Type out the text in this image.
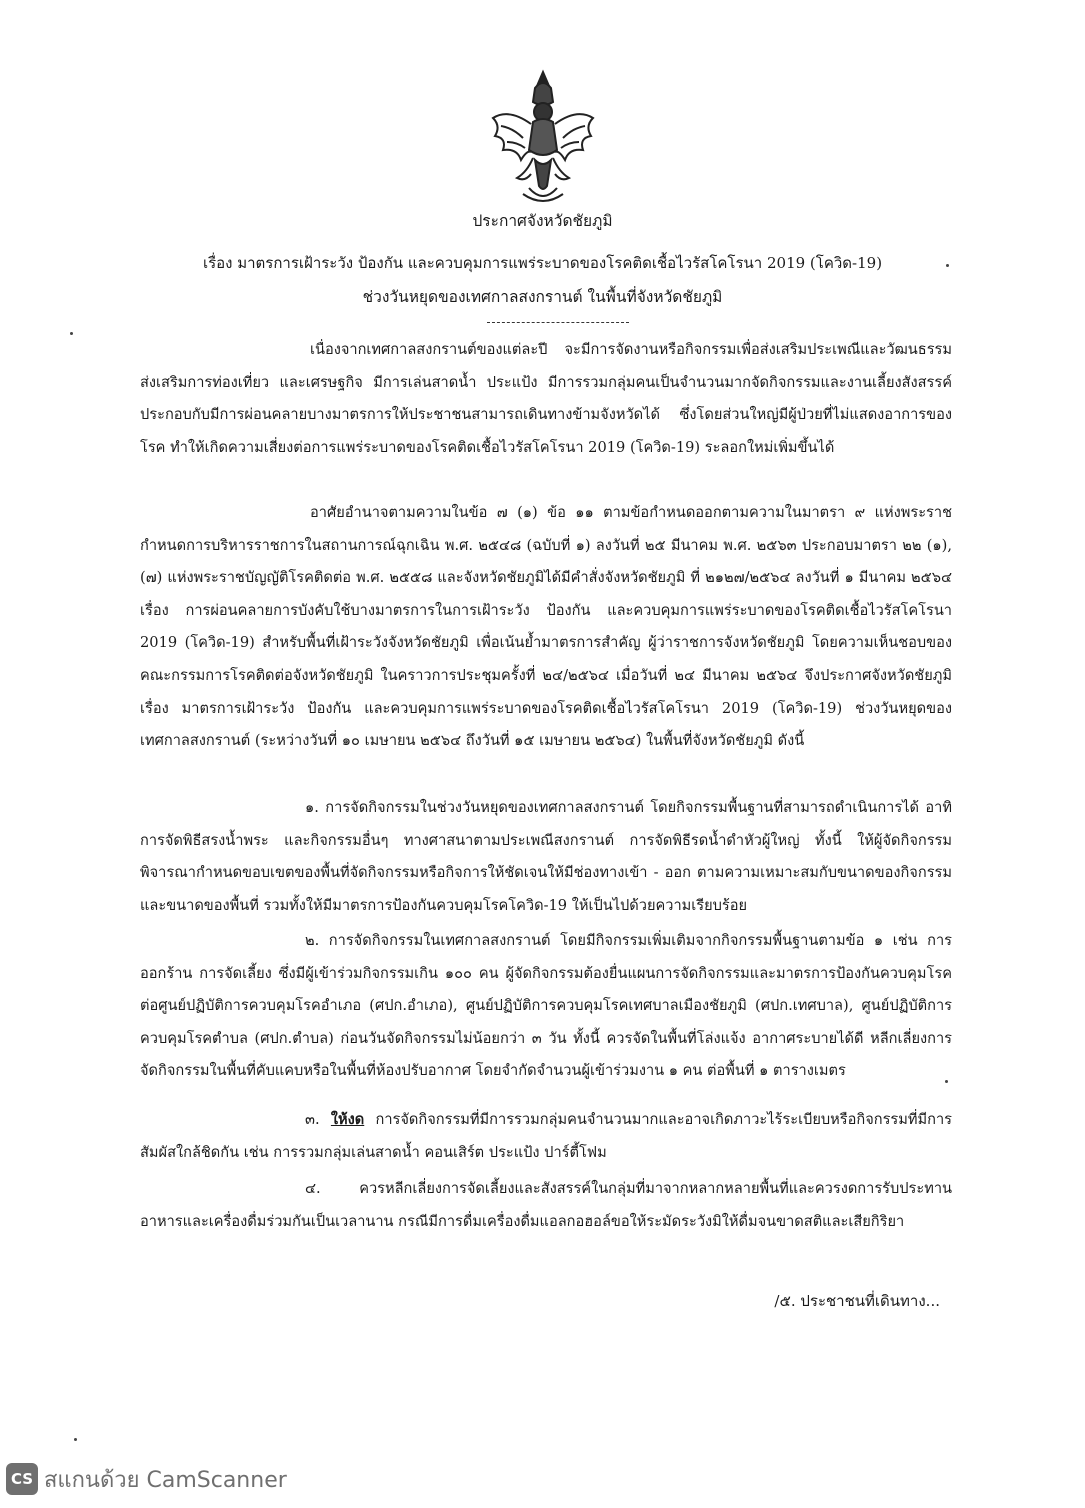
ประกาศจังหวัดชัยภูมิ
เรื่อง มาตรการเฝ้าระวัง ป้องกัน และควบคุมการแพร่ระบาดของโรคติดเชื้อไวรัสโคโรนา 2019 (โควิด-19)
ช่วงวันหยุดของเทศกาลสงกรานต์ ในพื้นที่จังหวัดชัยภูมิ
เนื่องจากเทศกาลสงกรานต์ของแต่ละปี จะมีการจัดงานหรือกิจกรรมเพื่อส่งเสริมประเพณีและวัฒนธรรม ส่งเสริมการท่องเที่ยว และเศรษฐกิจ มีการเล่นสาดน้ำ ประแป้ง มีการรวมกลุ่มคนเป็นจำนวนมากจัดกิจกรรมและงานเลี้ยงสังสรรค์ ประกอบกับมีการผ่อนคลายบางมาตรการให้ประชาชนสามารถเดินทางข้ามจังหวัดได้ ซึ่งโดยส่วนใหญ่มีผู้ป่วยที่ไม่แสดงอาการของโรค ทำให้เกิดความเสี่ยงต่อการแพร่ระบาดของโรคติดเชื้อไวรัสโคโรนา 2019 (โควิด-19) ระลอกใหม่เพิ่มขึ้นได้
อาศัยอำนาจตามความในข้อ ๗ (๑) ข้อ ๑๑ ตามข้อกำหนดออกตามความในมาตรา ๙ แห่งพระราชกำหนดการบริหารราชการในสถานการณ์ฉุกเฉิน พ.ศ. ๒๕๔๘ (ฉบับที่ ๑) ลงวันที่ ๒๕ มีนาคม พ.ศ. ๒๕๖๓ ประกอบมาตรา ๒๒ (๑), (๗) แห่งพระราชบัญญัติโรคติดต่อ พ.ศ. ๒๕๕๘ และจังหวัดชัยภูมิได้มีคำสั่งจังหวัดชัยภูมิ ที่ ๒๑๒๗/๒๕๖๔ ลงวันที่ ๑ มีนาคม ๒๕๖๔ เรื่อง การผ่อนคลายการบังคับใช้บางมาตรการในการเฝ้าระวัง ป้องกัน และควบคุมการแพร่ระบาดของโรคติดเชื้อไวรัสโคโรนา 2019 (โควิด-19) สำหรับพื้นที่เฝ้าระวังจังหวัดชัยภูมิ เพื่อเน้นย้ำมาตรการสำคัญ ผู้ว่าราชการจังหวัดชัยภูมิ โดยความเห็นชอบของคณะกรรมการโรคติดต่อจังหวัดชัยภูมิ ในคราวการประชุมครั้งที่ ๒๔/๒๕๖๔ เมื่อวันที่ ๒๔ มีนาคม ๒๕๖๔ จึงประกาศจังหวัดชัยภูมิ เรื่อง มาตรการเฝ้าระวัง ป้องกัน และควบคุมการแพร่ระบาดของโรคติดเชื้อไวรัสโคโรนา 2019 (โควิด-19) ช่วงวันหยุดของเทศกาลสงกรานต์ (ระหว่างวันที่ ๑๐ เมษายน ๒๕๖๔ ถึงวันที่ ๑๕ เมษายน ๒๕๖๔) ในพื้นที่จังหวัดชัยภูมิ ดังนี้
๑. การจัดกิจกรรมในช่วงวันหยุดของเทศกาลสงกรานต์ โดยกิจกรรมพื้นฐานที่สามารถดำเนินการได้ อาทิ การจัดพิธีสรงน้ำพระ และกิจกรรมอื่นๆ ทางศาสนาตามประเพณีสงกรานต์ การจัดพิธีรดน้ำดำหัวผู้ใหญ่ ทั้งนี้ ให้ผู้จัดกิจกรรมพิจารณากำหนดขอบเขตของพื้นที่จัดกิจกรรมหรือกิจการให้ชัดเจนให้มีช่องทางเข้า - ออก ตามความเหมาะสมกับขนาดของกิจกรรมและขนาดของพื้นที่ รวมทั้งให้มีมาตรการป้องกันควบคุมโรคโควิด-19 ให้เป็นไปด้วยความเรียบร้อย
๒. การจัดกิจกรรมในเทศกาลสงกรานต์ โดยมีกิจกรรมเพิ่มเติมจากกิจกรรมพื้นฐานตามข้อ ๑ เช่น การออกร้าน การจัดเลี้ยง ซึ่งมีผู้เข้าร่วมกิจกรรมเกิน ๑๐๐ คน ผู้จัดกิจกรรมต้องยื่นแผนการจัดกิจกรรมและมาตรการป้องกันควบคุมโรคต่อศูนย์ปฏิบัติการควบคุมโรคอำเภอ (ศปก.อำเภอ), ศูนย์ปฏิบัติการควบคุมโรคเทศบาลเมืองชัยภูมิ (ศปก.เทศบาล), ศูนย์ปฏิบัติการควบคุมโรคตำบล (ศปก.ตำบล) ก่อนวันจัดกิจกรรมไม่น้อยกว่า ๓ วัน ทั้งนี้ ควรจัดในพื้นที่โล่งแจ้ง อากาศระบายได้ดี หลีกเลี่ยงการจัดกิจกรรมในพื้นที่คับแคบหรือในพื้นที่ห้องปรับอากาศ โดยจำกัดจำนวนผู้เข้าร่วมงาน ๑ คน ต่อพื้นที่ ๑ ตารางเมตร
๓. ให้งด การจัดกิจกรรมที่มีการรวมกลุ่มคนจำนวนมากและอาจเกิดภาวะไร้ระเบียบหรือกิจกรรมที่มีการสัมผัสใกล้ชิดกัน เช่น การรวมกลุ่มเล่นสาดน้ำ คอนเสิร์ต ประแป้ง ปาร์ตี้โฟม
๔. ควรหลีกเลี่ยงการจัดเลี้ยงและสังสรรค์ในกลุ่มที่มาจากหลากหลายพื้นที่และควรงดการรับประทานอาหารและเครื่องดื่มร่วมกันเป็นเวลานาน กรณีมีการดื่มเครื่องดื่มแอลกอฮอล์ขอให้ระมัดระวังมิให้ดื่มจนขาดสติและเสียกิริยา
/๕. ประชาชนที่เดินทาง...
CS สแกนด้วย CamScanner
